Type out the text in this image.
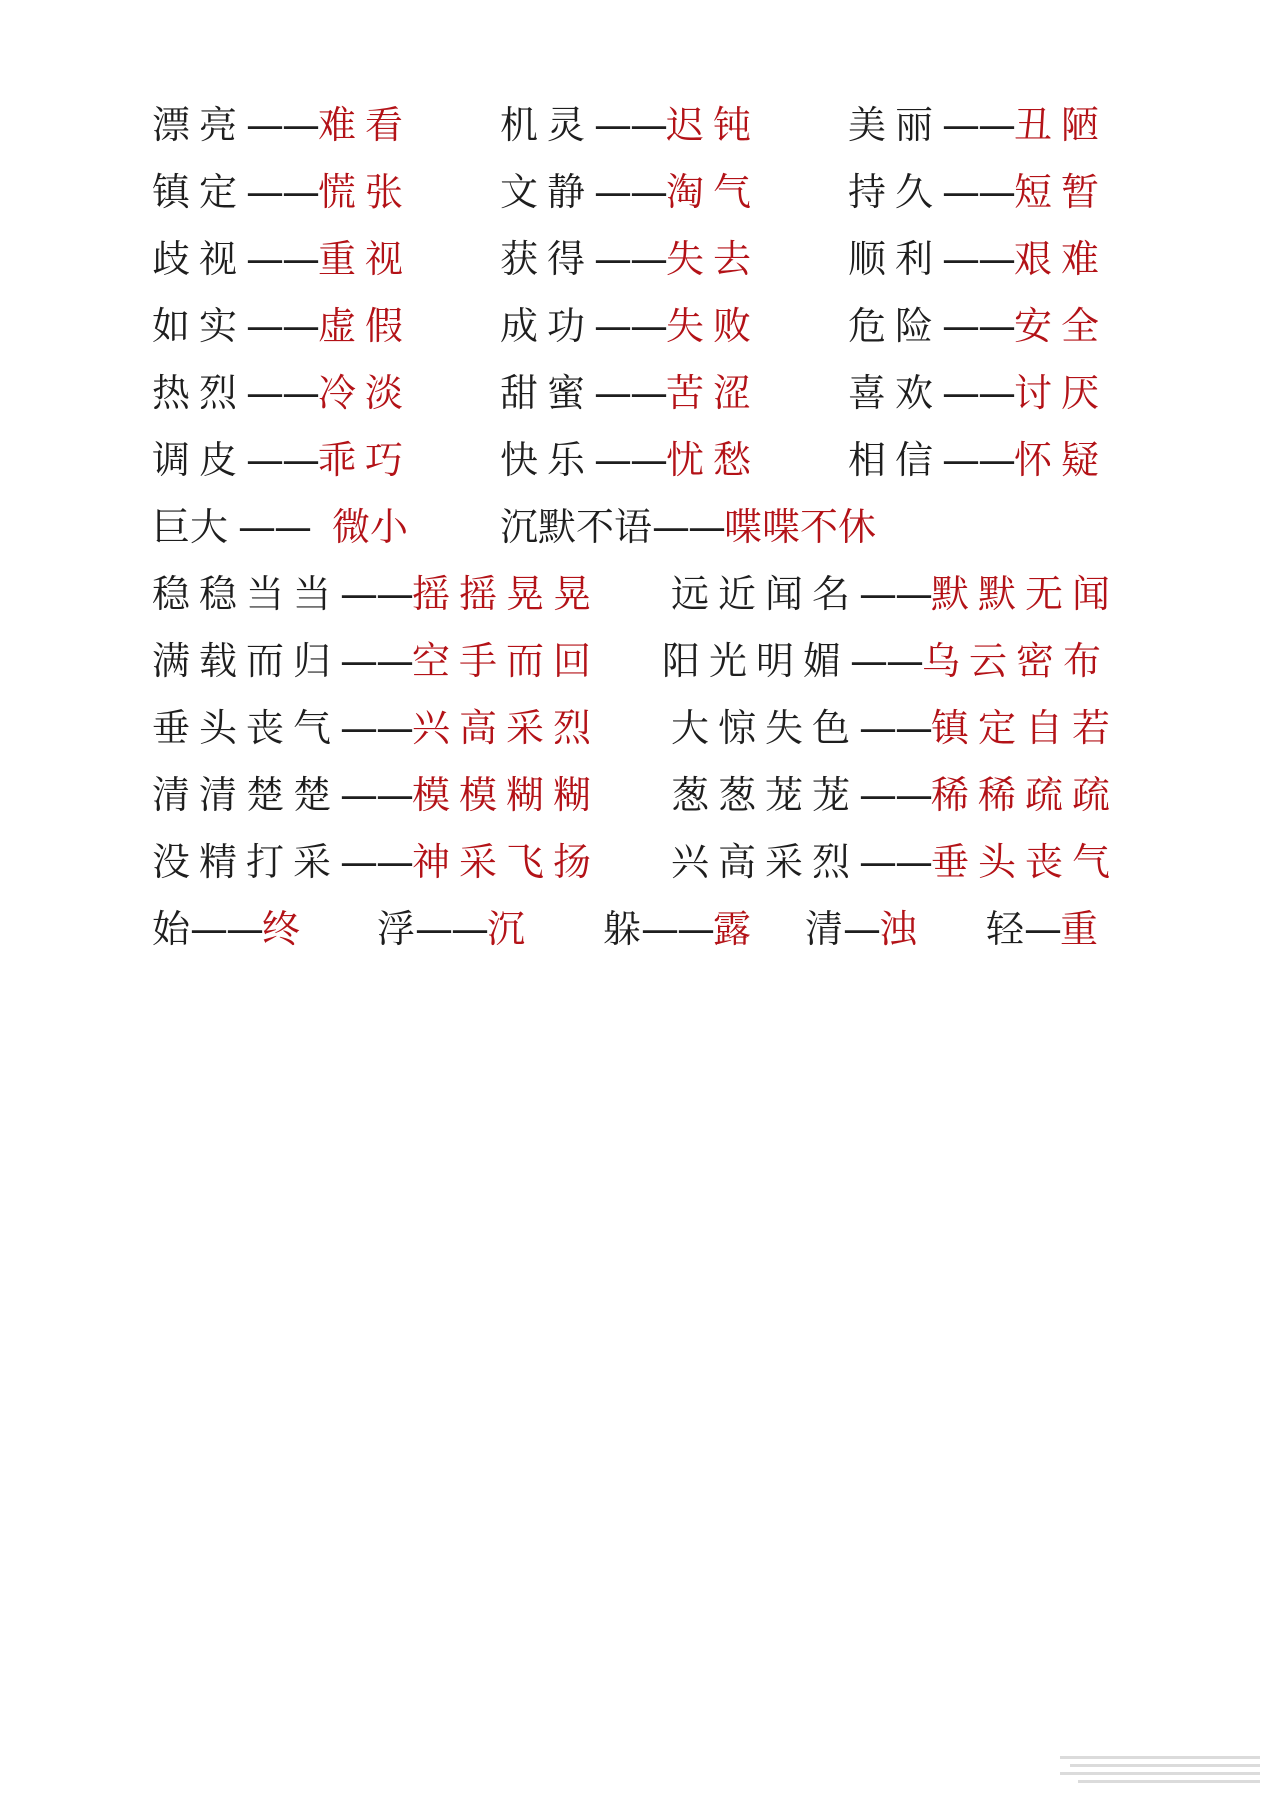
漂亮——难看 机灵——迟钝 美丽——丑陋
镇定——慌张 文静——淘气 持久——短暂
歧视——重视 获得——失去 顺利——艰难
如实——虚假 成功——失败 危险——安全
热烈——冷淡 甜蜜——苦涩 喜欢——讨厌
调皮——乖巧 快乐——忧愁 相信——怀疑
巨大 —— 微小 沉默不语——喋喋不休
稳稳当当——摇摇晃晃 远近闻名——默默无闻
满载而归——空手而回 阳光明媚——乌云密布
垂头丧气——兴高采烈 大惊失色——镇定自若
清清楚楚——模模糊糊 葱葱茏茏——稀稀疏疏
没精打采——神采飞扬 兴高采烈——垂头丧气
始——终 浮——沉 躲——露 清—浊 轻—重
